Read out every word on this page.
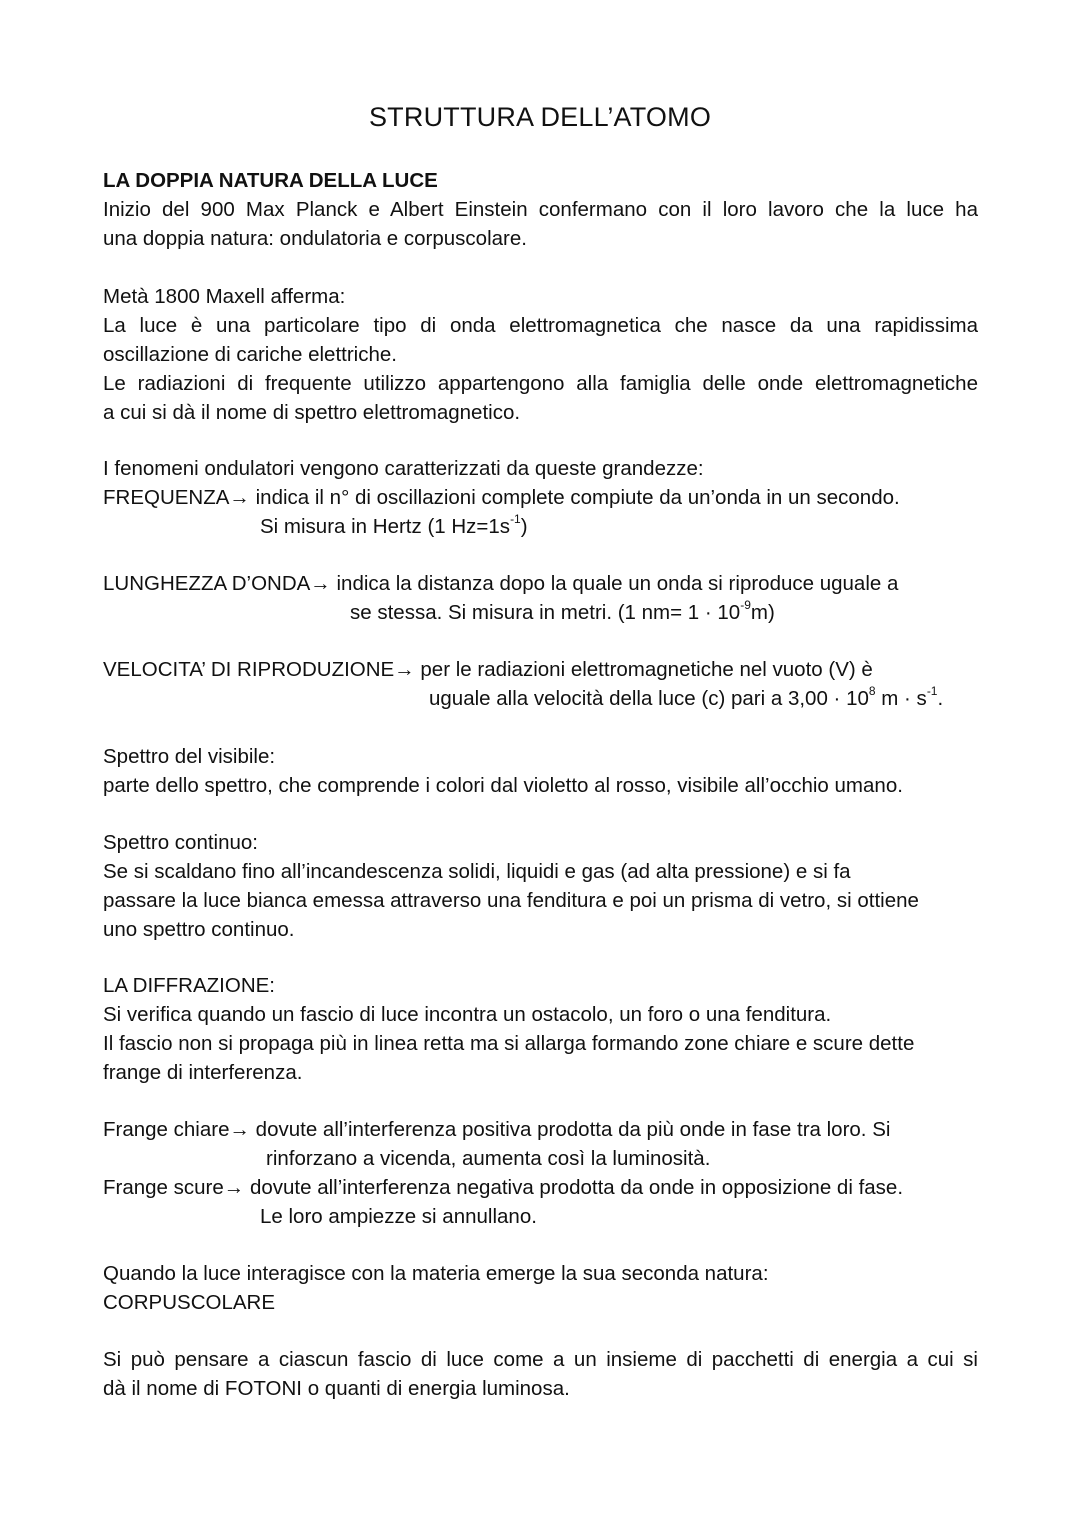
STRUTTURA DELL’ATOMO
LA DOPPIA NATURA DELLA LUCE
Inizio del 900 Max Planck e Albert Einstein confermano con il loro lavoro che la luce ha
una doppia natura: ondulatoria e corpuscolare.
Metà 1800 Maxell afferma:
La luce è una particolare tipo di onda elettromagnetica che nasce da una rapidissima
oscillazione di cariche elettriche.
Le radiazioni di frequente utilizzo appartengono alla famiglia delle onde elettromagnetiche
a cui si dà il nome di spettro elettromagnetico.
I fenomeni ondulatori vengono caratterizzati da queste grandezze:
FREQUENZA→ indica il n° di oscillazioni complete compiute da un’onda in un secondo.
Si misura in Hertz (1 $Hz=1s^{-1}$)
LUNGHEZZA D’ONDA→ indica la distanza dopo la quale un onda si riproduce uguale a
se stessa. Si misura in metri. (1 $nm= 1 \cdot 10^{-9}m$)
VELOCITA’ DI RIPRODUZIONE→ per le radiazioni elettromagnetiche nel vuoto (V) è
uguale alla velocità della luce (c) pari a $3,00 \cdot 10^8$ $m \cdot s^{-1}$.
Spettro del visibile:
parte dello spettro, che comprende i colori dal violetto al rosso, visibile all’occhio umano.
Spettro continuo:
Se si scaldano fino all’incandescenza solidi, liquidi e gas (ad alta pressione) e si fa
passare la luce bianca emessa attraverso una fenditura e poi un prisma di vetro, si ottiene
uno spettro continuo.
LA DIFFRAZIONE:
Si verifica quando un fascio di luce incontra un ostacolo, un foro o una fenditura.
Il fascio non si propaga più in linea retta ma si allarga formando zone chiare e scure dette
frange di interferenza.
Frange chiare→ dovute all’interferenza positiva prodotta da più onde in fase tra loro. Si
rinforzano a vicenda, aumenta così la luminosità.
Frange scure→ dovute all’interferenza negativa prodotta da onde in opposizione di fase.
Le loro ampiezze si annullano.
Quando la luce interagisce con la materia emerge la sua seconda natura:
CORPUSCOLARE
Si può pensare a ciascun fascio di luce come a un insieme di pacchetti di energia a cui si
dà il nome di FOTONI o quanti di energia luminosa.
